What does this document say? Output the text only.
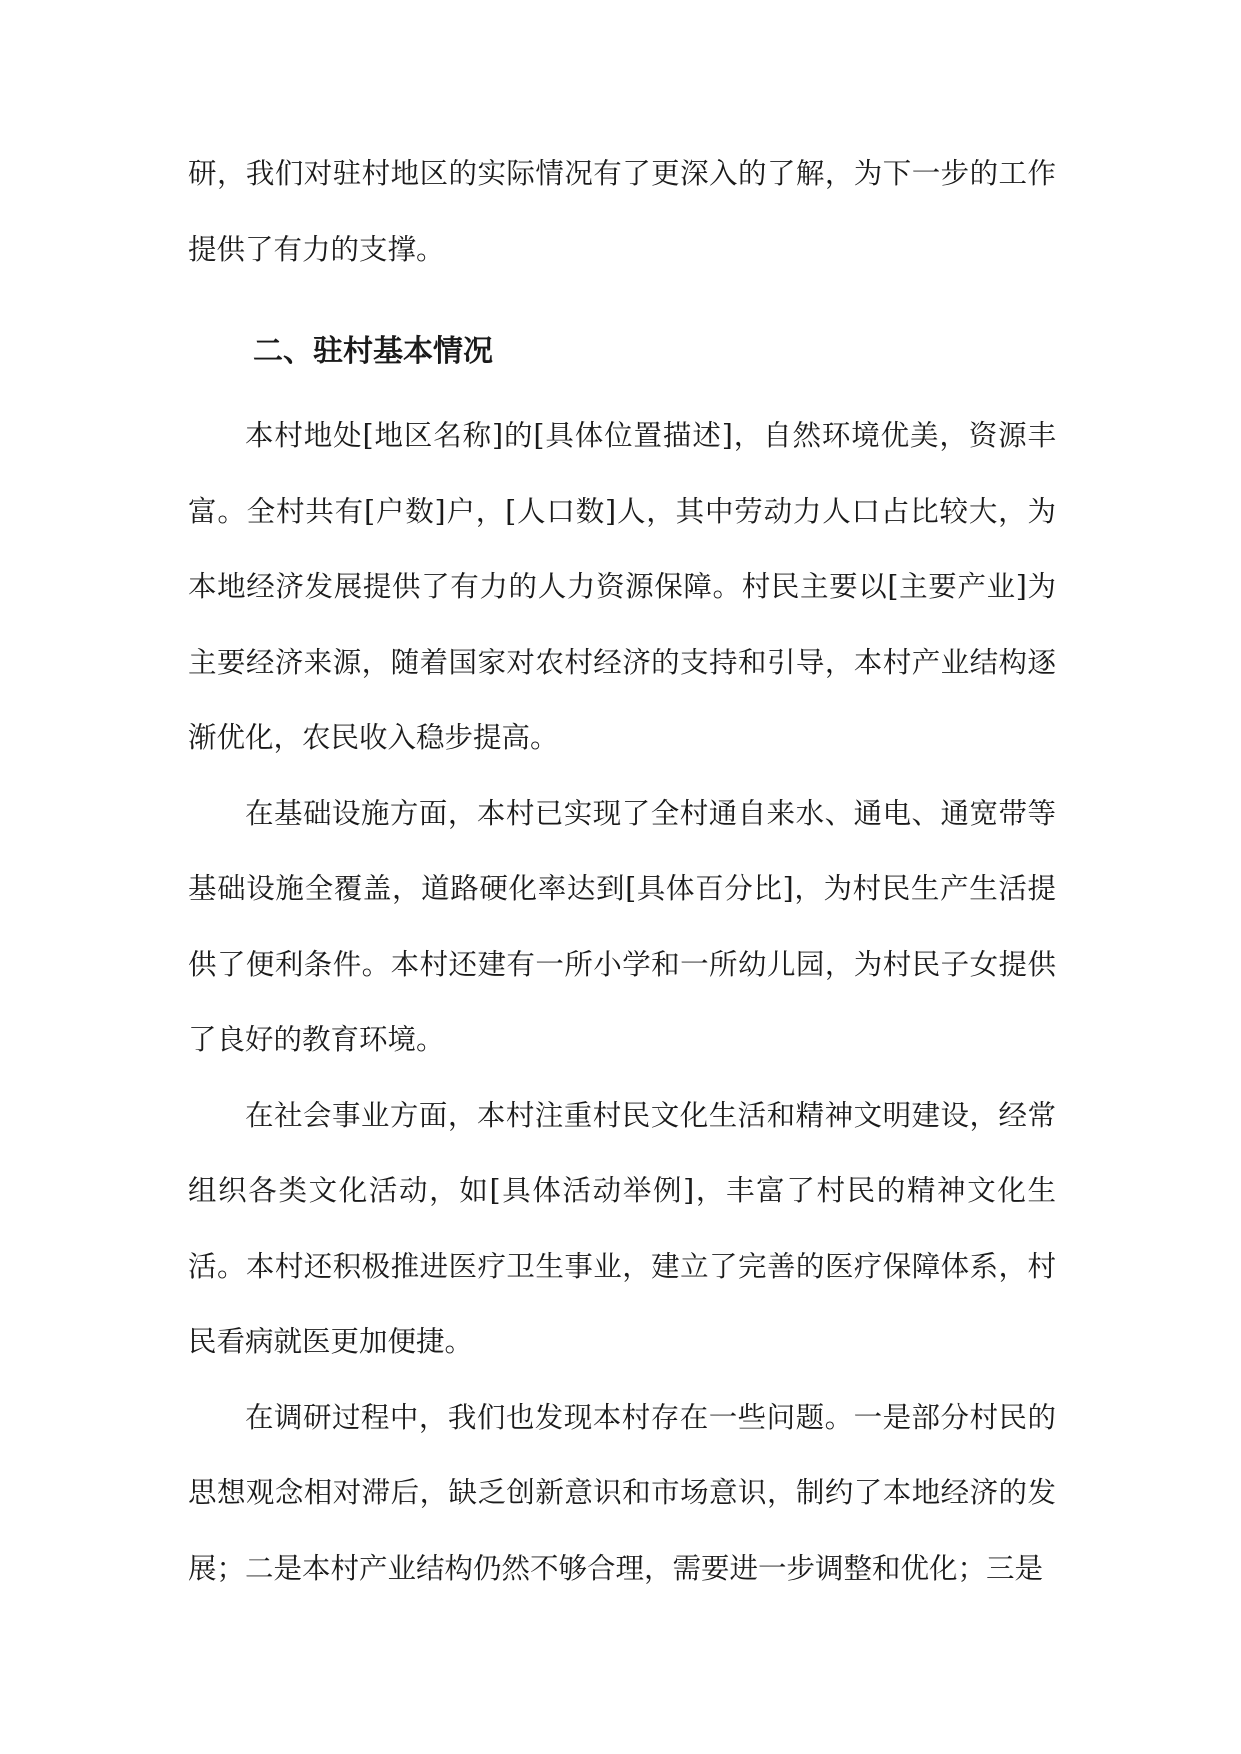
研，我们对驻村地区的实际情况有了更深入的了解，为下一步的工作提供了有力的支撑。

二、驻村基本情况

本村地处[地区名称]的[具体位置描述]，自然环境优美，资源丰富。全村共有[户数]户，[人口数]人，其中劳动力人口占比较大，为本地经济发展提供了有力的人力资源保障。村民主要以[主要产业]为主要经济来源，随着国家对农村经济的支持和引导，本村产业结构逐渐优化，农民收入稳步提高。

在基础设施方面，本村已实现了全村通自来水、通电、通宽带等基础设施全覆盖，道路硬化率达到[具体百分比]，为村民生产生活提供了便利条件。本村还建有一所小学和一所幼儿园，为村民子女提供了良好的教育环境。

在社会事业方面，本村注重村民文化生活和精神文明建设，经常组织各类文化活动，如[具体活动举例]，丰富了村民的精神文化生活。本村还积极推进医疗卫生事业，建立了完善的医疗保障体系，村民看病就医更加便捷。

在调研过程中，我们也发现本村存在一些问题。一是部分村民的思想观念相对滞后，缺乏创新意识和市场意识，制约了本地经济的发展；二是本村产业结构仍然不够合理，需要进一步调整和优化；三是
